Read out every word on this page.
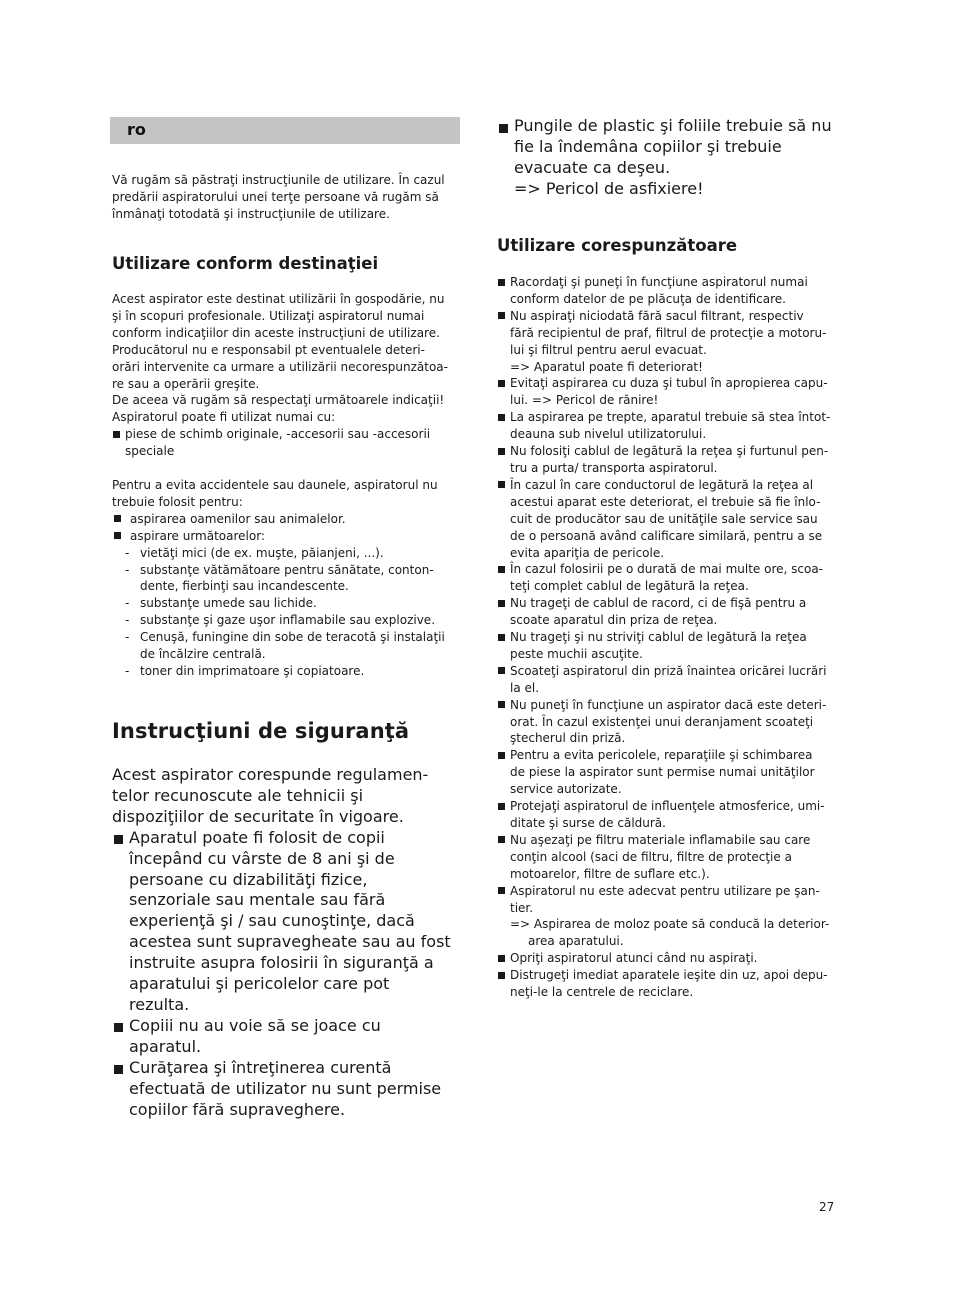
ro

Vă rugăm să păstraţi instrucţiunile de utilizare. În cazul
predării aspiratorului unei terţe persoane vă rugăm să
înmânaţi totodată şi instrucţiunile de utilizare.

Utilizare conform destinaţiei

Acest aspirator este destinat utilizării în gospodărie, nu
şi în scopuri profesionale. Utilizaţi aspiratorul numai
conform indicaţiilor din aceste instrucţiuni de utilizare.
Producătorul nu e responsabil pt eventualele deteri-
orări intervenite ca urmare a utilizării necorespunzătoa-
re sau a operării greşite.
De aceea vă rugăm să respectaţi următoarele indicaţii!
Aspiratorul poate fi utilizat numai cu:

piese de schimb originale, -accesorii sau -accesorii
speciale

Pentru a evita accidentele sau daunele, aspiratorul nu
trebuie folosit pentru:

aspirarea oamenilor sau animalelor.
aspirare următoarelor:
- vietăţi mici (de ex. muşte, păianjeni, ...).
- substanţe vătămătoare pentru sănătate, conton-
dente, fierbinţi sau incandescente.
- substanţe umede sau lichide.
- substanţe şi gaze uşor inflamabile sau explozive.
- Cenuşă, funingine din sobe de teracotă şi instalaţii
de încălzire centrală.
- toner din imprimatoare şi copiatoare.
Instrucţiuni de siguranţă

Acest aspirator corespunde regulamen-
telor recunoscute ale tehnicii şi
dispoziţiilor de securitate în vigoare.

Aparatul poate fi folosit de copii
începând cu vârste de 8 ani şi de
persoane cu dizabilităţi fizice,
senzoriale sau mentale sau fără
experienţă şi / sau cunoştinţe, dacă
acestea sunt supravegheate sau au fost
instruite asupra folosirii în siguranţă a
aparatului şi pericolelor care pot
rezulta.
Copiii nu au voie să se joace cu
aparatul.
Curăţarea şi întreţinerea curentă
efectuată de utilizator nu sunt permise
copiilor fără supraveghere.
Pungile de plastic şi foliile trebuie să nu
fie la îndemâna copiilor şi trebuie
evacuate ca deşeu.
=> Pericol de asfixiere!
Utilizare corespunzătoare
Racordaţi şi puneţi în funcţiune aspiratorul numai
conform datelor de pe plăcuţa de identificare.
Nu aspiraţi niciodată fără sacul filtrant, respectiv
fără recipientul de praf, filtrul de protecţie a motoru-
lui şi filtrul pentru aerul evacuat.
=> Aparatul poate fi deteriorat!
Evitaţi aspirarea cu duza şi tubul în apropierea capu-
lui. => Pericol de rănire!
La aspirarea pe trepte, aparatul trebuie să stea întot-
deauna sub nivelul utilizatorului.
Nu folosiţi cablul de legătură la reţea şi furtunul pen-
tru a purta/ transporta aspiratorul.
În cazul în care conductorul de legătură la reţea al
acestui aparat este deteriorat, el trebuie să fie înlo-
cuit de producător sau de unităţile sale service sau
de o persoană având calificare similară, pentru a se
evita apariţia de pericole.
În cazul folosirii pe o durată de mai multe ore, scoa-
teţi complet cablul de legătură la reţea.
Nu trageţi de cablul de racord, ci de fişă pentru a
scoate aparatul din priza de reţea.
Nu trageţi şi nu striviţi cablul de legătură la reţea
peste muchii ascuţite.
Scoateţi aspiratorul din priză înaintea oricărei lucrări
la el.
Nu puneţi în funcţiune un aspirator dacă este deteri-
orat. În cazul existenţei unui deranjament scoateţi
ştecherul din priză.
Pentru a evita pericolele, reparaţiile şi schimbarea
de piese la aspirator sunt permise numai unităţilor
service autorizate.
Protejaţi aspiratorul de influenţele atmosferice, umi-
ditate şi surse de căldură.
Nu aşezaţi pe filtru materiale inflamabile sau care
conţin alcool (saci de filtru, filtre de protecţie a
motoarelor, filtre de suflare etc.).
Aspiratorul nu este adecvat pentru utilizare pe şan-
tier.
=> Aspirarea de moloz poate să conducă la deterior-
area aparatului.
Opriţi aspiratorul atunci când nu aspiraţi.
Distrugeţi imediat aparatele ieşite din uz, apoi depu-
neţi-le la centrele de reciclare.
27
